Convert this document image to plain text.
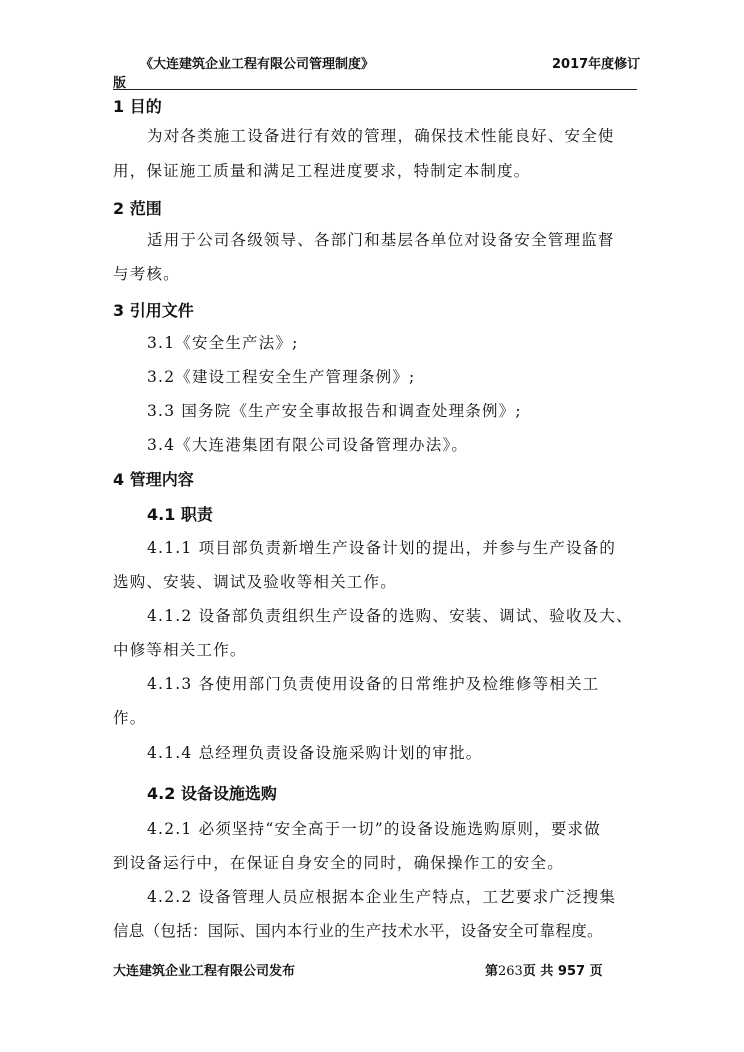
《大连建筑企业工程有限公司管理制度》	2017年度修订
版
1 目的
为对各类施工设备进行有效的管理，确保技术性能良好、安全使
用，保证施工质量和满足工程进度要求，特制定本制度。
2 范围
适用于公司各级领导、各部门和基层各单位对设备安全管理监督
与考核。
3 引用文件
3.1《安全生产法》;
3.2《建设工程安全生产管理条例》;
3.3 国务院《生产安全事故报告和调查处理条例》;
3.4《大连港集团有限公司设备管理办法》。
4 管理内容
4.1 职责
4.1.1 项目部负责新增生产设备计划的提出，并参与生产设备的
选购、安装、调试及验收等相关工作。
4.1.2 设备部负责组织生产设备的选购、安装、调试、验收及大、
中修等相关工作。
4.1.3 各使用部门负责使用设备的日常维护及检维修等相关工
作。
4.1.4 总经理负责设备设施采购计划的审批。
4.2 设备设施选购
4.2.1 必须坚持“安全高于一切”的设备设施选购原则，要求做
到设备运行中，在保证自身安全的同时，确保操作工的安全。
4.2.2 设备管理人员应根据本企业生产特点，工艺要求广泛搜集
信息（包括：国际、国内本行业的生产技术水平，设备安全可靠程度。
大连建筑企业工程有限公司发布	第263页 共 957 页
